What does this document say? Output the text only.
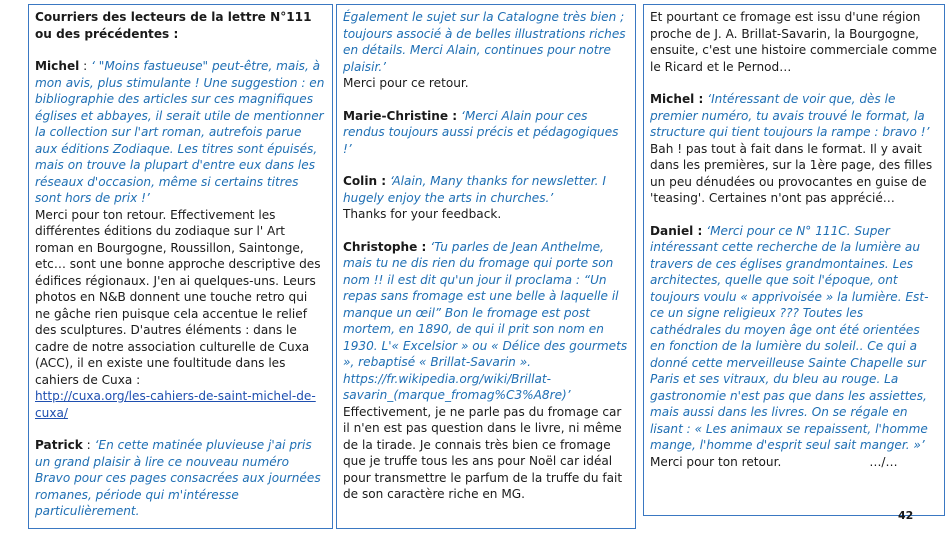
Courriers des lecteurs de la lettre N°111 ou des précédentes :

Michel : ‘ "Moins fastueuse" peut-être, mais, à mon avis, plus stimulante ! Une suggestion : en bibliographie des articles sur ces magnifiques églises et abbayes, il serait utile de mentionner la collection sur l'art roman, autrefois parue aux éditions Zodiaque. Les titres sont épuisés, mais on trouve la plupart d'entre eux dans les réseaux d'occasion, même si certains titres sont hors de prix !’

Merci pour ton retour. Effectivement les différentes éditions du zodiaque sur l' Art roman en Bourgogne, Roussillon, Saintonge, etc… sont une bonne approche descriptive des édifices régionaux. J'en ai quelques-uns. Leurs photos en N&B donnent une touche retro qui ne gâche rien puisque cela accentue le relief des sculptures. D'autres éléments : dans le cadre de notre association culturelle de Cuxa (ACC), il en existe une foultitude dans les cahiers de Cuxa :

http://cuxa.org/les-cahiers-de-saint-michel-de-cuxa/

Patrick : ‘En cette matinée pluvieuse j'ai pris un grand plaisir à lire ce nouveau numéro Bravo pour ces pages consacrées aux journées romanes, période qui m'intéresse particulièrement.

Également le sujet sur la Catalogne très bien ; toujours associé à de belles illustrations riches en détails. Merci Alain, continues pour notre plaisir.’

Merci pour ce retour.

Marie-Christine : ‘Merci Alain pour ces rendus toujours aussi précis et pédagogiques !’

Colin : ‘Alain, Many thanks for newsletter. I hugely enjoy the arts in churches.’

Thanks for your feedback.

Christophe : ‘Tu parles de Jean Anthelme, mais tu ne dis rien du fromage qui porte son nom !! il est dit qu'un jour il proclama : “Un repas sans fromage est une belle à laquelle il manque un œil” Bon le fromage est post mortem, en 1890, de qui il prit son nom en 1930. L'« Excelsior » ou « Délice des gourmets », rebaptisé « Brillat-Savarin ». https://fr.wikipedia.org/wiki/Brillat-savarin_(marque_fromag%C3%A8re)’

Effectivement, je ne parle pas du fromage car il n'en est pas question dans le livre, ni même de la tirade. Je connais très bien ce fromage que je truffe tous les ans pour Noël car idéal pour transmettre le parfum de la truffe du fait de son caractère riche en MG.

Et pourtant ce fromage est issu d'une région proche de J. A. Brillat-Savarin, la Bourgogne, ensuite, c'est une histoire commerciale comme le Ricard et le Pernod…

Michel : ‘Intéressant de voir que, dès le premier numéro, tu avais trouvé le format, la structure qui tient toujours la rampe : bravo !’

Bah ! pas tout à fait dans le format. Il y avait dans les premières, sur la 1ère page, des filles un peu dénudées ou provocantes en guise de 'teasing'. Certaines n'ont pas apprécié…

Daniel : ‘Merci pour ce N° 111C. Super intéressant cette recherche de la lumière au travers de ces églises grandmontaines. Les architectes, quelle que soit l'époque, ont toujours voulu « apprivoisée » la lumière. Est-ce un signe religieux ??? Toutes les cathédrales du moyen âge ont été orientées en fonction de la lumière du soleil.. Ce qui a donné cette merveilleuse Sainte Chapelle sur Paris et ses vitraux, du bleu au rouge. La gastronomie n'est pas que dans les assiettes, mais aussi dans les livres. On se régale en lisant : « Les animaux se repaissent, l'homme mange, l'homme d'esprit seul sait manger. »’

Merci pour ton retour.	…/…

42
